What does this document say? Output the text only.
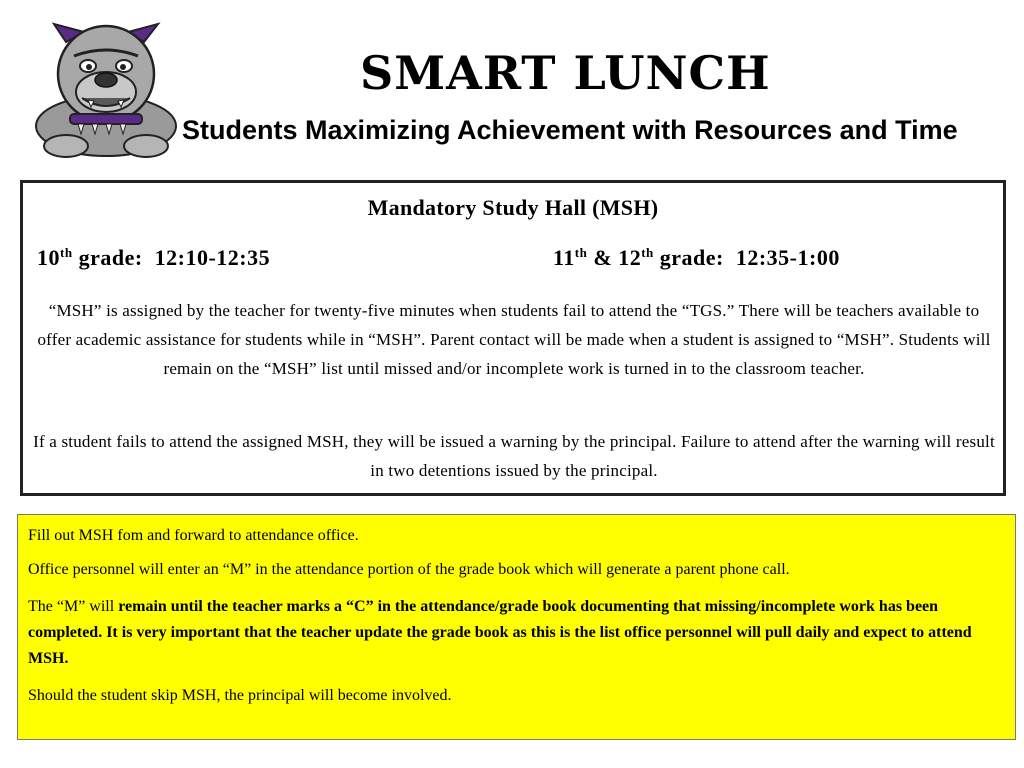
SMART LUNCH
Students Maximizing Achievement with Resources and Time
Mandatory Study Hall (MSH)
10th grade:  12:10-12:35	11th & 12th grade:  12:35-1:00

“MSH” is assigned by the teacher for twenty-five minutes when students fail to attend the “TGS.” There will be teachers available to offer academic assistance for students while in “MSH”. Parent contact will be made when a student is assigned to “MSH”. Students will remain on the “MSH” list until missed and/or incomplete work is turned in to the classroom teacher.

If a student fails to attend the assigned MSH, they will be issued a warning by the principal. Failure to attend after the warning will result in two detentions issued by the principal.

Fill out MSH fom and forward to attendance office.

Office personnel will enter an “M” in the attendance portion of the grade book which will generate a parent phone call.

The “M” will remain until the teacher marks a “C” in the attendance/grade book documenting that missing/incomplete work has been completed. It is very important that the teacher update the grade book as this is the list office personnel will pull daily and expect to attend MSH.

Should the student skip MSH, the principal will become involved.
